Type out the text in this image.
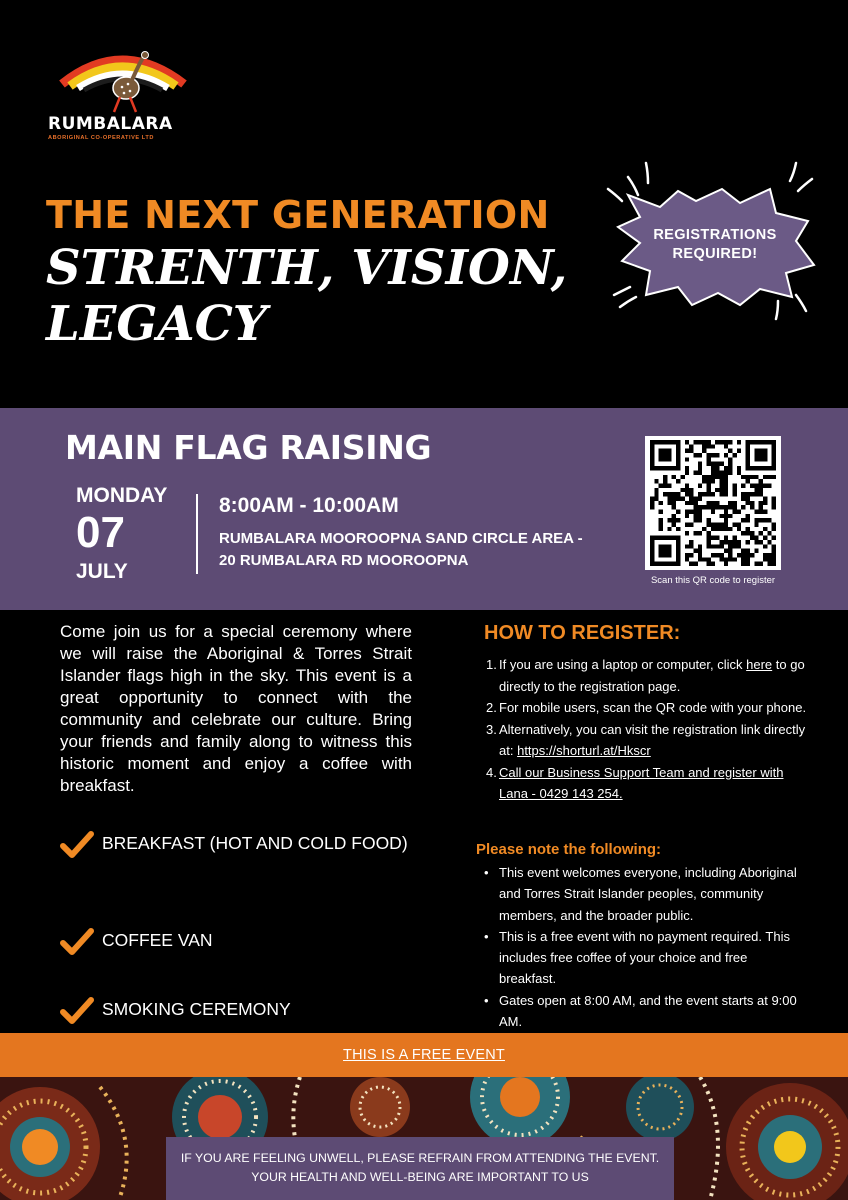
RUMBALARA
ABORIGINAL CO-OPERATIVE LTD
THE NEXT GENERATION
STRENTH, VISION, LEGACY
REGISTRATIONS REQUIRED!
MAIN FLAG RAISING
MONDAY
07
JULY
8:00AM - 10:00AM
RUMBALARA MOOROOPNA SAND CIRCLE AREA - 20 RUMBALARA RD MOOROOPNA
Scan this QR code to register
Come join us for a special ceremony where we will raise the Aboriginal & Torres Strait Islander flags high in the sky. This event is a great opportunity to connect with the community and celebrate our culture. Bring your friends and family along to witness this historic moment and enjoy a coffee with breakfast.
BREAKFAST (HOT AND COLD FOOD)
COFFEE VAN
SMOKING CEREMONY
HOW TO REGISTER:
1. If you are using a laptop or computer, click here to go directly to the registration page.
2. For mobile users, scan the QR code with your phone.
3. Alternatively, you can visit the registration link directly at: https://shorturl.at/Hkscr
4. Call our Business Support Team and register with Lana - 0429 143 254.
Please note the following:
• This event welcomes everyone, including Aboriginal and Torres Strait Islander peoples, community members, and the broader public.
• This is a free event with no payment required. This includes free coffee of your choice and free breakfast.
• Gates open at 8:00 AM, and the event starts at 9:00 AM.
THIS IS A FREE EVENT
IF YOU ARE FEELING UNWELL, PLEASE REFRAIN FROM ATTENDING THE EVENT.
YOUR HEALTH AND WELL-BEING ARE IMPORTANT TO US
